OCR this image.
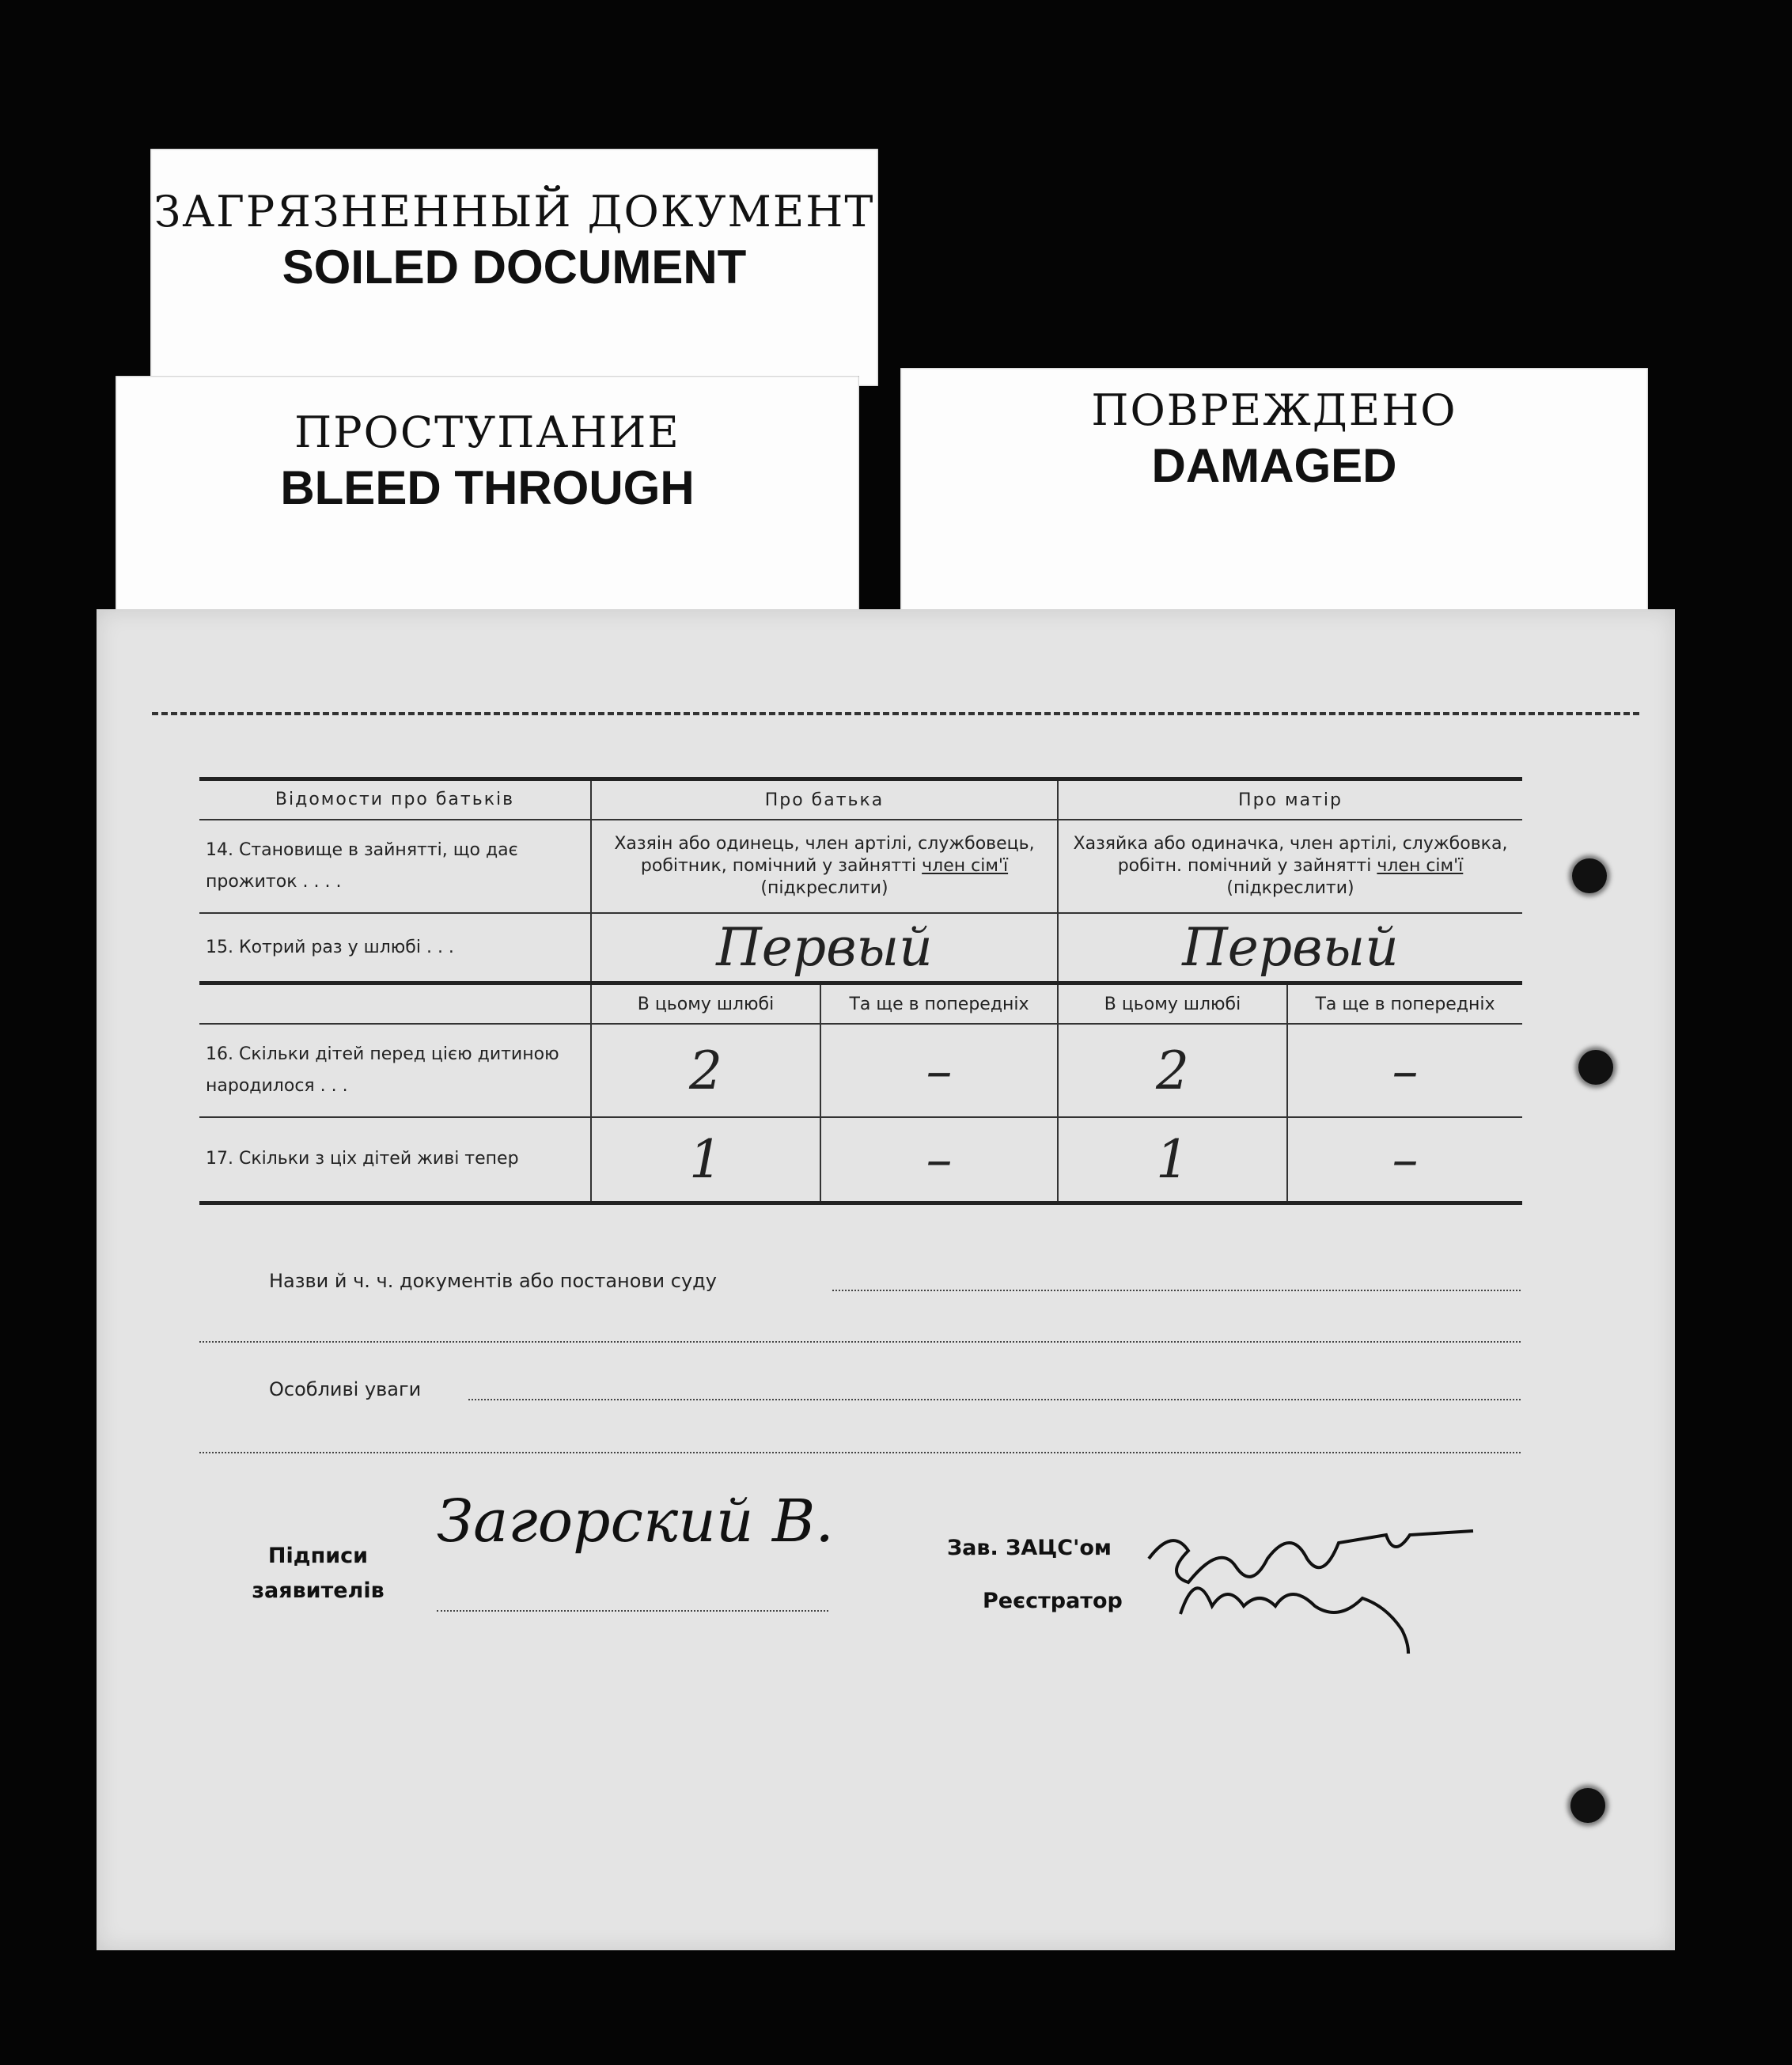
ЗАГРЯЗНЕННЫЙ ДОКУМЕНТ
SOILED DOCUMENT
ПРОСТУПАНИЕ
BLEED THROUGH
ПОВРЕЖДЕНО
DAMAGED
Відомости про батьків	Про батька		Про матір	
14. Становище в зайнятті, що дає прожиток . . . .	Хазяін або одинець, член артілі, службовець, робітник, помічний у зайнятті член сім'ї (підкреслити)		Хазяйка або одиначка, член артілі, службовка, робітн. помічний у зайнятті член сім'ї (підкреслити)	
15. Котрий раз у шлюбі . . .	Первый		Первый	
	В цьому шлюбі	Та ще в попередніх	В цьому шлюбі	Та ще в попередніх
16. Скільки дітей перед цією дитиною народилося . . .	2	–	2	–
17. Скільки з ціх дітей живі тепер	1	–	1	–
Назви й ч. ч. документів або постанови суду
Особливі уваги
Підписи
заявителів
Загорский В.	Зав. ЗАЦС'ом
Реєстратор
